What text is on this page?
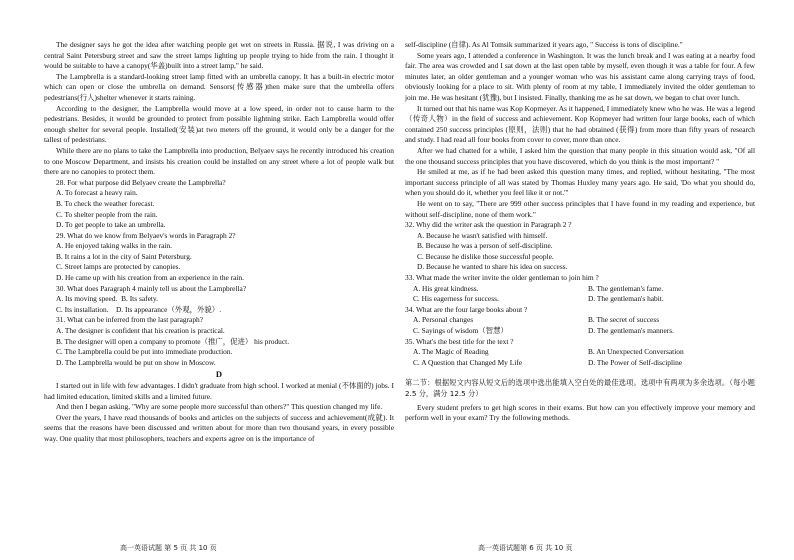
The designer says he got the idea after watching people get wet on streets in Russia. 据说, I was driving on a central Saint Petersburg street and saw the street lamps lighting up people trying to hide from the rain. I thought it would be suitable to have a canopy(华盖)built into a street lamp," he said.

The Lampbrella is a standard-looking street lamp fitted with an umbrella canopy. It has a built-in electric motor which can open or close the umbrella on demand. Sensors(传感器)then make sure that the umbrella offers pedestrians(行人)shelter whenever it starts raining.

According to the designer, the Lampbrella would move at a low speed, in order not to cause harm to the pedestrians. Besides, it would be grounded to protect from possible lightning strike. Each Lampbrella would offer enough shelter for several people. Installed(安装)at two meters off the ground, it would only be a danger for the tallest of pedestrians.

While there are no plans to take the Lampbrella into production, Belyaev says he recently introduced his creation to one Moscow Department, and insists his creation could be installed on any street where a lot of people walk but there are no canopies to protect them.

28. For what purpose did Belyaev create the Lampbrella?

A. To forecast a heavy rain.

B. To check the weather forecast.

C. To shelter people from the rain.

D. To get people to take an umbrella.

29. What do we know from Belyaev's words in Paragraph 2?

A. He enjoyed taking walks in the rain.

B. It rains a lot in the city of Saint Petersburg.

C. Street lamps are protected by canopies.

D. He came up with his creation from an experience in the rain.

30. What does Paragraph 4 mainly tell us about the Lampbrella?

A. Its moving speed. B. Its safety.

C. Its installation. D. Its appearance（外观，外貌）.

31. What can be inferred from the last paragraph?

A. The designer is confident that his creation is practical.

B. The designer will open a company to promote（推广，促进） his product.

C. The Lampbrella could be put into immediate production.

D. The Lampbrella would be put on show in Moscow.

D

I started out in life with few advantages. I didn't graduate from high school. I worked at menial (不体面的) jobs. I had limited education, limited skills and a limited future.

And then I began asking, "Why are some people more successful than others?" This question changed my life.

Over the years, I have read thousands of books and articles on the subjects of success and achievement(成就). It seems that the reasons have been discussed and written about for more than two thousand years, in every possible way. One quality that most philosophers, teachers and experts agree on is the importance of

self-discipline (自律). As Al Tomsik summarized it years ago, " Success is tons of discipline."

Some years ago, I attended a conference in Washington. It was the lunch break and I was eating at a nearby food fair. The area was crowded and I sat down at the last open table by myself, even though it was a table for four. A few minutes later, an older gentleman and a younger woman who was his assistant came along carrying trays of food, obviously looking for a place to sit. With plenty of room at my table, I immediately invited the older gentleman to join me. He was hesitant (犹豫), but I insisted. Finally, thanking me as he sat down, we began to chat over lunch.

It turned out that his name was Kop Kopmeyer. As it happened, I immediately knew who he was. He was a legend（传奇人物）in the field of success and achievement. Kop Kopmeyer had written four large books, each of which contained 250 success principles (原则，法则) that he had obtained (获得) from more than fifty years of research and study. I had read all four books from cover to cover, more than once.

After we had chatted for a while, I asked him the question that many people in this situation would ask, "Of all the one thousand success principles that you have discovered, which do you think is the most important? "

He smiled at me, as if he had been asked this question many times, and replied, without hesitating, "The most important success principle of all was stated by Thomas Huxley many years ago. He said, 'Do what you should do, when you should do it, whether you feel like it or not.'"

He went on to say, "There are 999 other success principles that I have found in my reading and experience, but without self-discipline, none of them work."

32. Why did the writer ask the question in Paragraph 2 ?

A. Because he wasn't satisfied with himself.

B. Because he was a person of self-discipline.

C. Because he dislike those successful people.

D. Because he wanted to share his idea on success.

33. What made the writer invite the older gentleman to join him ?

A. His great kindness.	B. The gentleman's fame.
C. His eagerness for success.	D. The gentleman's habit.

34. What are the four large books about ?

A. Personal changes	B. The secret of success
C. Sayings of wisdom（智慧）	D. The gentleman's manners.

35. What's the best title for the text ?

A. The Magic of Reading	B. An Unexpected Conversation
C. A Question that Changed My Life	D. The Power of Self-discipline

第二节：根据短文内容从短文后的选项中选出能填入空白处的最佳选项。选项中有两项为多余选项。（每小题 2.5 分，满分 12.5 分）

Every student prefers to get high scores in their exams. But how can you effectively improve your memory and perform well in your exam? Try the following methods.

高一英语试题 第 5 页 共 10 页	高一英语试题第 6 页 共 10 页
